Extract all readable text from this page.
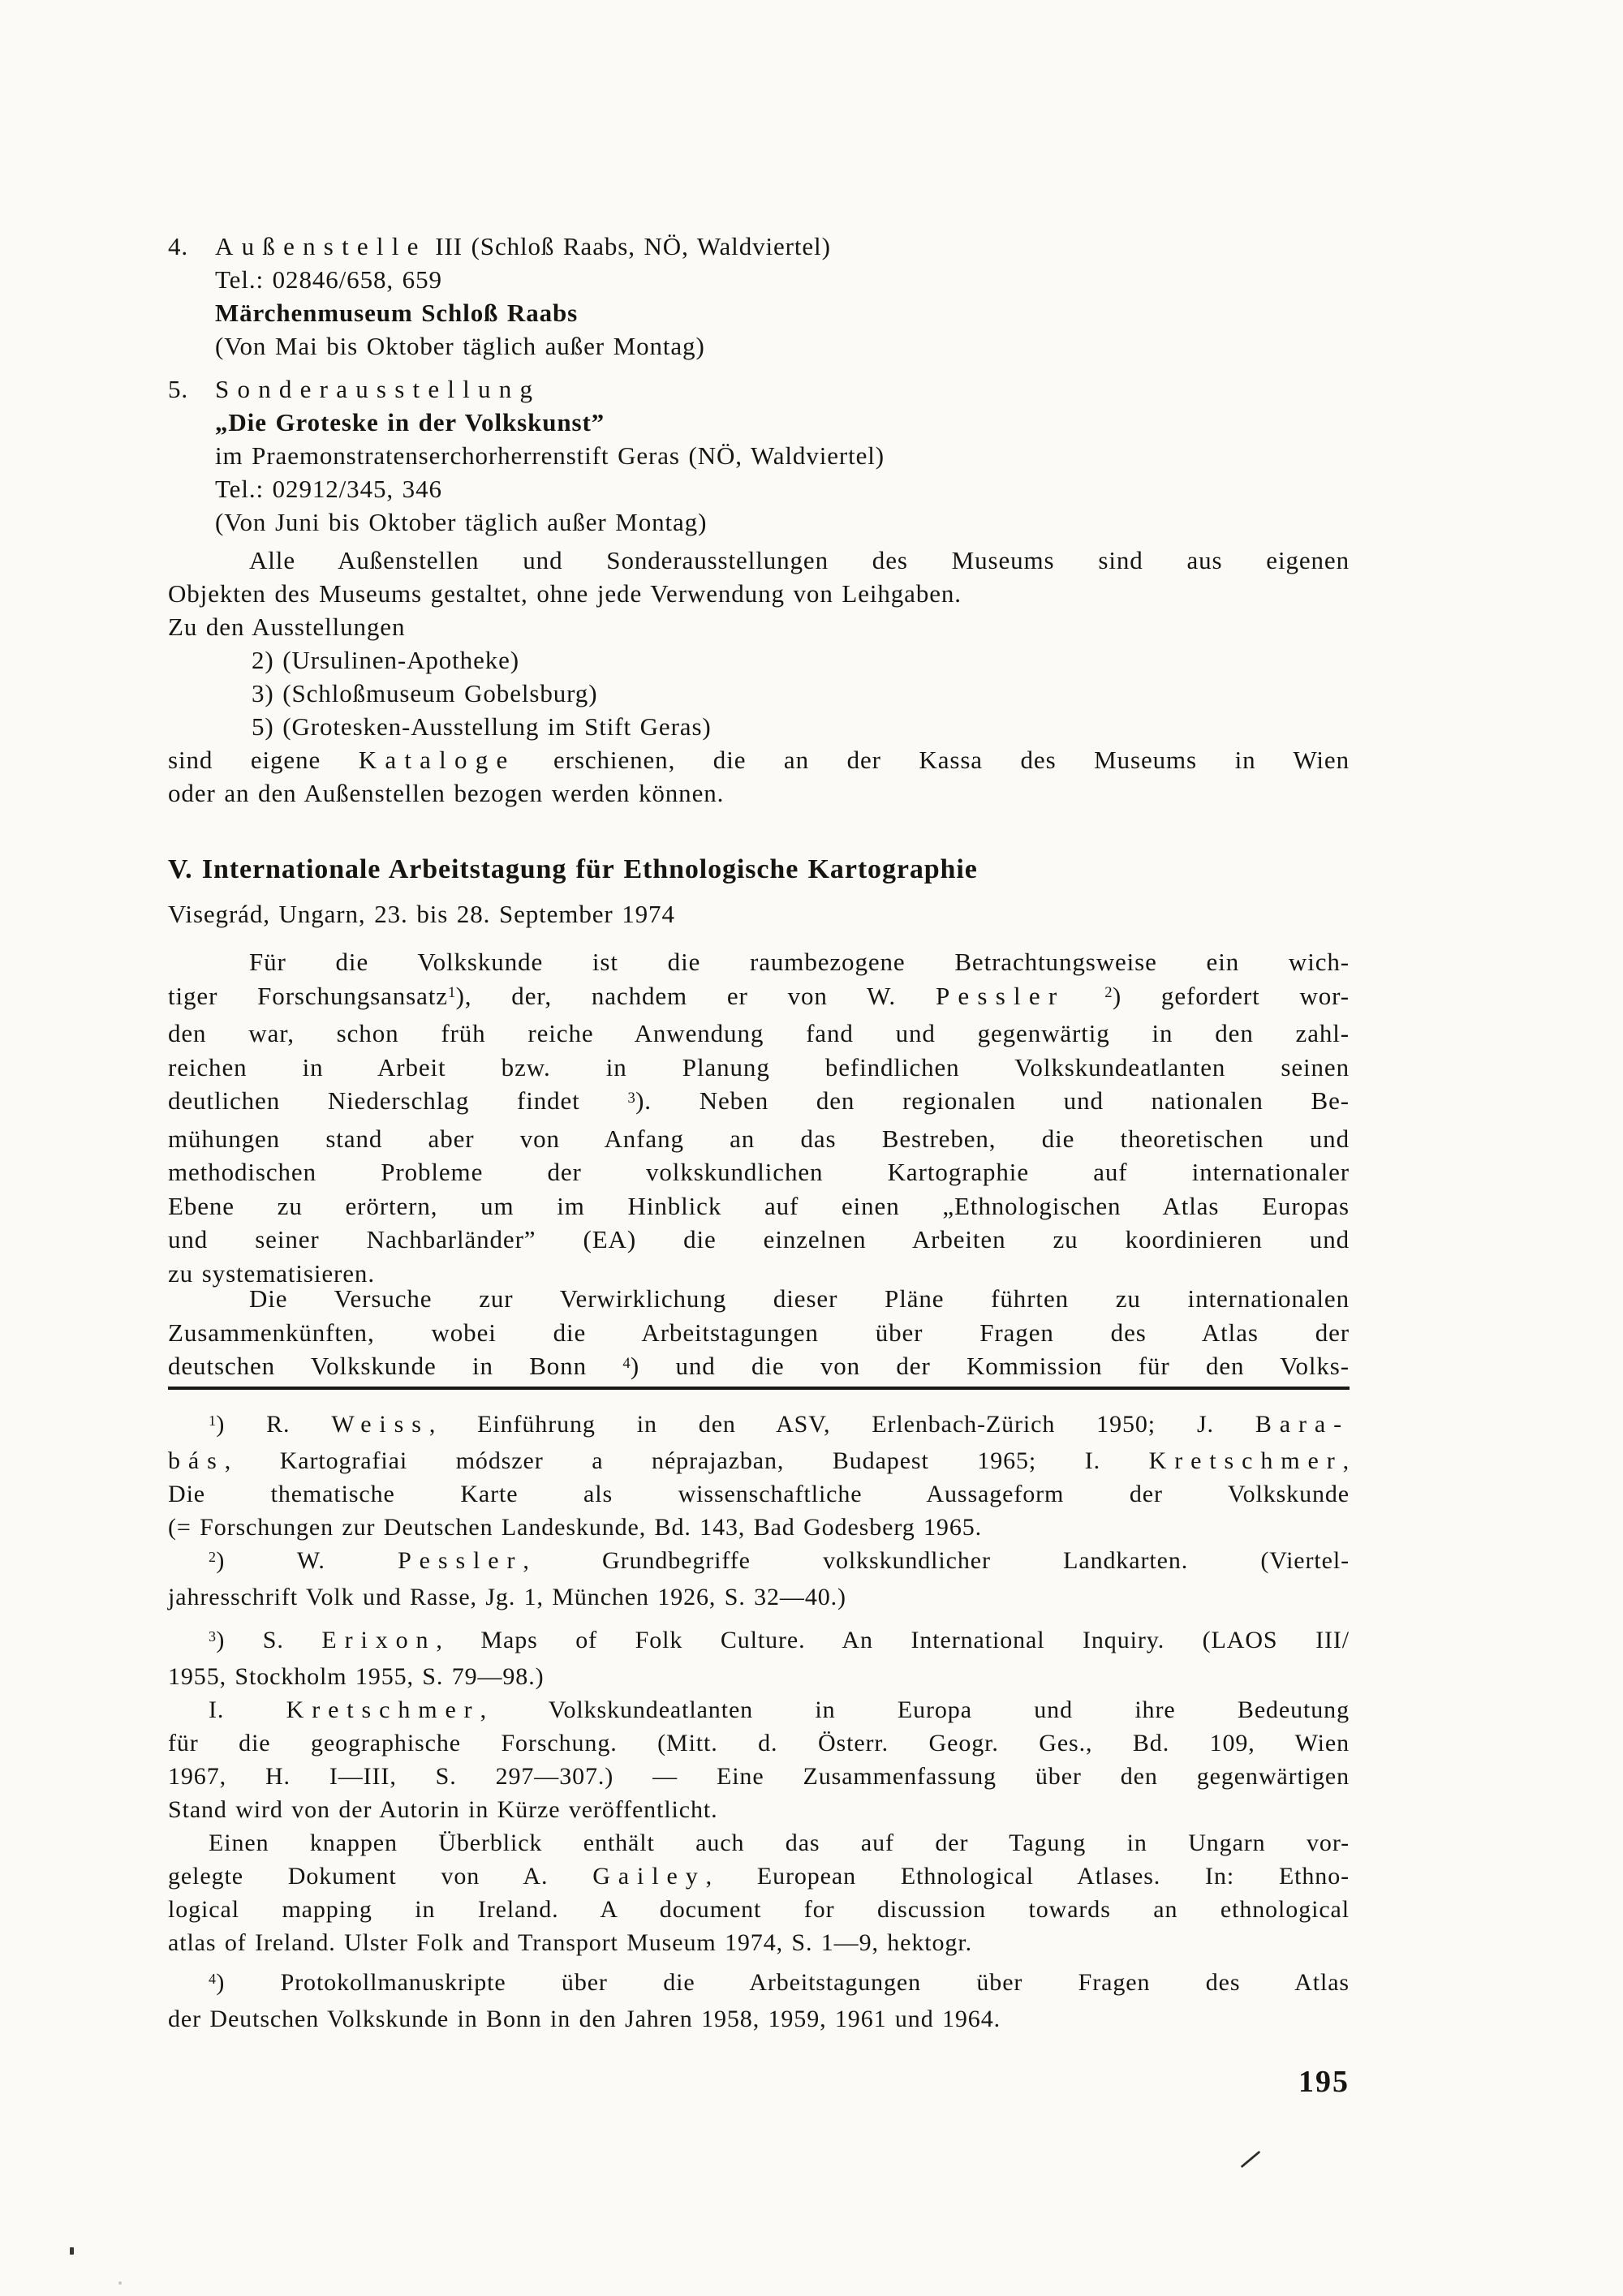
195
4. Außenstelle III (Schloß Raabs, NÖ, Waldviertel)
Tel.: 02846/658, 659
Märchenmuseum Schloß Raabs
(Von Mai bis Oktober täglich außer Montag)
5. Sonderausstellung
„Die Groteske in der Volkskunst”
im Praemonstratenserchorherrenstift Geras (NÖ, Waldviertel)
Tel.: 02912/345, 346
(Von Juni bis Oktober täglich außer Montag)
Alle Außenstellen und Sonderausstellungen des Museums sind aus eigenen
Objekten des Museums gestaltet, ohne jede Verwendung von Leihgaben.
Zu den Ausstellungen
2) (Ursulinen-Apotheke)
3) (Schloßmuseum Gobelsburg)
5) (Grotesken-Ausstellung im Stift Geras)
sind eigene Kataloge erschienen, die an der Kassa des Museums in Wien
oder an den Außenstellen bezogen werden können.
V. Internationale Arbeitstagung für Ethnologische Kartographie
Visegrád, Ungarn, 23. bis 28. September 1974
Für die Volkskunde ist die raumbezogene Betrachtungsweise ein wich-
tiger Forschungsansatz$^1$), der, nachdem er von W. Pessler	$^2$) gefordert wor-
den war, schon früh reiche Anwendung fand und gegenwärtig in den zahl-
reichen in Arbeit bzw. in Planung befindlichen Volkskundeatlanten seinen
deutlichen Niederschlag findet $^3$). Neben den regionalen und nationalen Be-
mühungen stand aber von Anfang an das Bestreben, die theoretischen und
methodischen Probleme der volkskundlichen Kartographie auf internationaler
Ebene zu erörtern, um im Hinblick auf einen „Ethnologischen Atlas Europas
und seiner Nachbarländer” (EA) die einzelnen Arbeiten zu koordinieren und
zu systematisieren.
Die Versuche zur Verwirklichung dieser Pläne führten zu internationalen
Zusammenkünften, wobei die Arbeitstagungen über Fragen des Atlas der
deutschen Volkskunde in Bonn $^4$) und die von der Kommission für den Volks-
$^1$) R. Weiss, Einführung in den ASV, Erlenbach-Zürich 1950; J. Bara-
bás, Kartografiai módszer a néprajazban, Budapest 1965; I. Kretschmer,
Die thematische Karte als wissenschaftliche Aussageform der Volkskunde
(= Forschungen zur Deutschen Landeskunde, Bd. 143, Bad Godesberg 1965.
$^2$) W. Pessler, Grundbegriffe volkskundlicher Landkarten. (Viertel-
jahresschrift Volk und Rasse, Jg. 1, München 1926, S. 32—40.)
$^3$) S. Erixon, Maps of Folk Culture. An International Inquiry. (LAOS III/
1955, Stockholm 1955, S. 79—98.)
I. Kretschmer, Volkskundeatlanten in Europa und ihre Bedeutung
für die geographische Forschung. (Mitt. d. Österr. Geogr. Ges., Bd. 109, Wien
1967, H. I—III, S. 297—307.) — Eine Zusammenfassung über den gegenwärtigen
Stand wird von der Autorin in Kürze veröffentlicht.
Einen knappen Überblick enthält auch das auf der Tagung in Ungarn vor-
gelegte Dokument von A. Gailey, European Ethnological Atlases. In: Ethno-
logical mapping in Ireland. A document for discussion towards an ethnological
atlas of Ireland. Ulster Folk and Transport Museum 1974, S. 1—9, hektogr.
$^4$) Protokollmanuskripte über die Arbeitstagungen über Fragen des Atlas
der Deutschen Volkskunde in Bonn in den Jahren 1958, 1959, 1961 und 1964.
